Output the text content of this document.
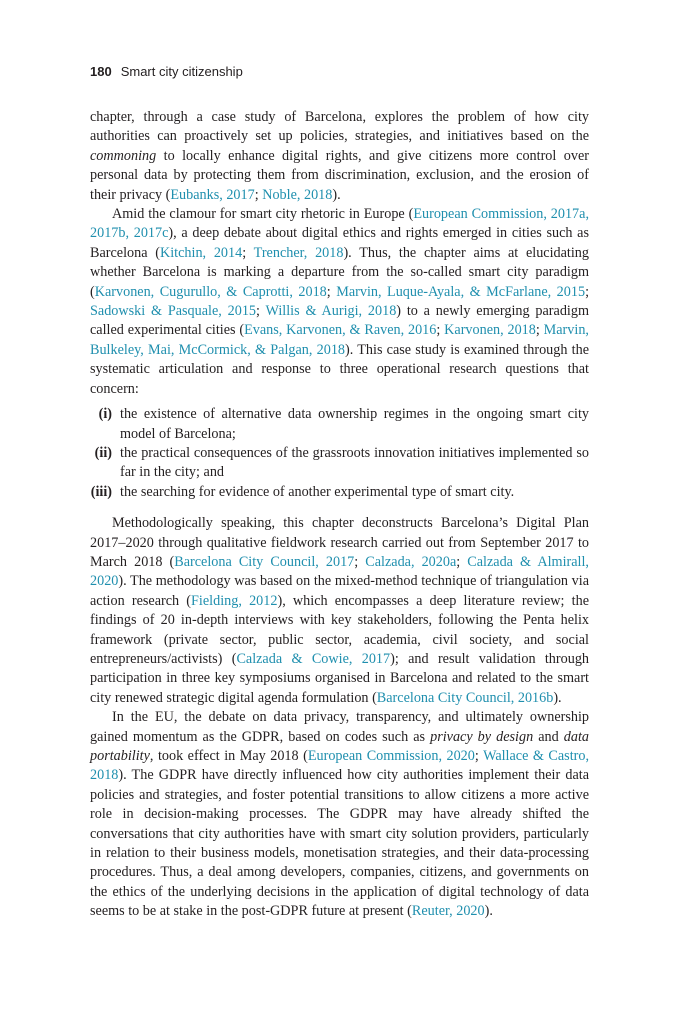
180 Smart city citizenship

chapter, through a case study of Barcelona, explores the problem of how city authorities can proactively set up policies, strategies, and initiatives based on the commoning to locally enhance digital rights, and give citizens more control over personal data by protecting them from discrimination, exclusion, and the erosion of their privacy (Eubanks, 2017; Noble, 2018).

Amid the clamour for smart city rhetoric in Europe (European Commission, 2017a, 2017b, 2017c), a deep debate about digital ethics and rights emerged in cities such as Barcelona (Kitchin, 2014; Trencher, 2018). Thus, the chapter aims at elucidating whether Barcelona is marking a departure from the so-called smart city paradigm (Karvonen, Cugurullo, & Caprotti, 2018; Marvin, Luque-Ayala, & McFarlane, 2015; Sadowski & Pasquale, 2015; Willis & Aurigi, 2018) to a newly emerging paradigm called experimental cities (Evans, Karvonen, & Raven, 2016; Karvonen, 2018; Marvin, Bulkeley, Mai, McCormick, & Palgan, 2018). This case study is examined through the systematic articulation and response to three operational research questions that concern:

(i) the existence of alternative data ownership regimes in the ongoing smart city model of Barcelona;
(ii) the practical consequences of the grassroots innovation initiatives implemented so far in the city; and
(iii) the searching for evidence of another experimental type of smart city.

Methodologically speaking, this chapter deconstructs Barcelona’s Digital Plan 2017–2020 through qualitative fieldwork research carried out from September 2017 to March 2018 (Barcelona City Council, 2017; Calzada, 2020a; Calzada & Almirall, 2020). The methodology was based on the mixed-method technique of triangulation via action research (Fielding, 2012), which encompasses a deep literature review; the findings of 20 in-depth interviews with key stakeholders, following the Penta helix framework (private sector, public sector, academia, civil society, and social entrepreneurs/activists) (Calzada & Cowie, 2017); and result validation through participation in three key symposiums organised in Barcelona and related to the smart city renewed strategic digital agenda formulation (Barcelona City Council, 2016b).

In the EU, the debate on data privacy, transparency, and ultimately ownership gained momentum as the GDPR, based on codes such as privacy by design and data portability, took effect in May 2018 (European Commission, 2020; Wallace & Castro, 2018). The GDPR have directly influenced how city authorities implement their data policies and strategies, and foster potential transitions to allow citizens a more active role in decision-making processes. The GDPR may have already shifted the conversations that city authorities have with smart city solution providers, particularly in relation to their business models, monetisation strategies, and their data-processing procedures. Thus, a deal among developers, companies, citizens, and governments on the ethics of the underlying decisions in the application of digital technology of data seems to be at stake in the post-GDPR future at present (Reuter, 2020).
